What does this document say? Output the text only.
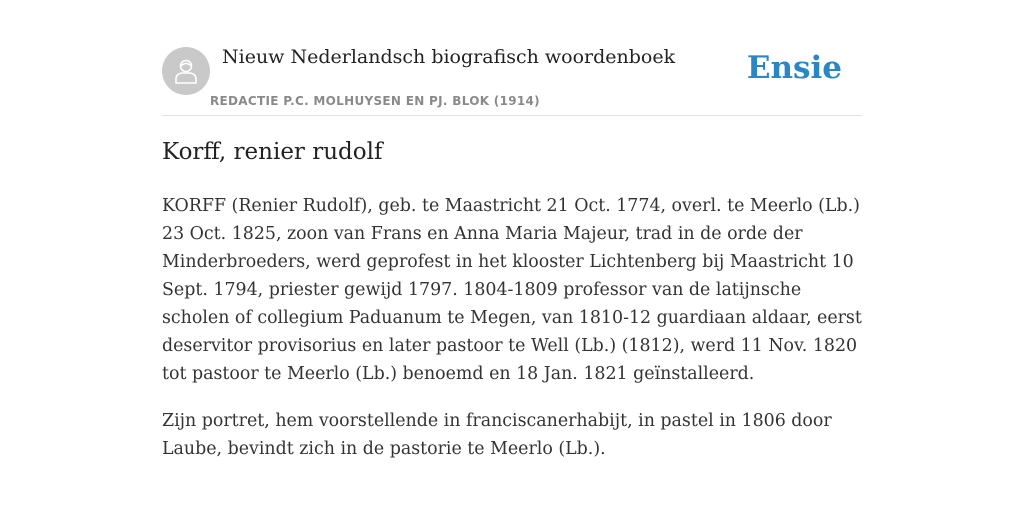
Nieuw Nederlandsch biografisch woordenboek
REDACTIE P.C. MOLHUYSEN EN PJ. BLOK (1914)
Ensie
Korff, renier rudolf

KORFF (Renier Rudolf), geb. te Maastricht 21 Oct. 1774, overl. te Meerlo (Lb.) 23 Oct. 1825, zoon van Frans en Anna Maria Majeur, trad in de orde der Minderbroeders, werd geprofest in het klooster Lichtenberg bij Maastricht 10 Sept. 1794, priester gewijd 1797. 1804-1809 professor van de latijnsche scholen of collegium Paduanum te Megen, van 1810-12 guardiaan aldaar, eerst deservitor provisorius en later pastoor te Well (Lb.) (1812), werd 11 Nov. 1820 tot pastoor te Meerlo (Lb.) benoemd en 18 Jan. 1821 geïnstalleerd.

Zijn portret, hem voorstellende in franciscanerhabijt, in pastel in 1806 door Laube, bevindt zich in de pastorie te Meerlo (Lb.).
